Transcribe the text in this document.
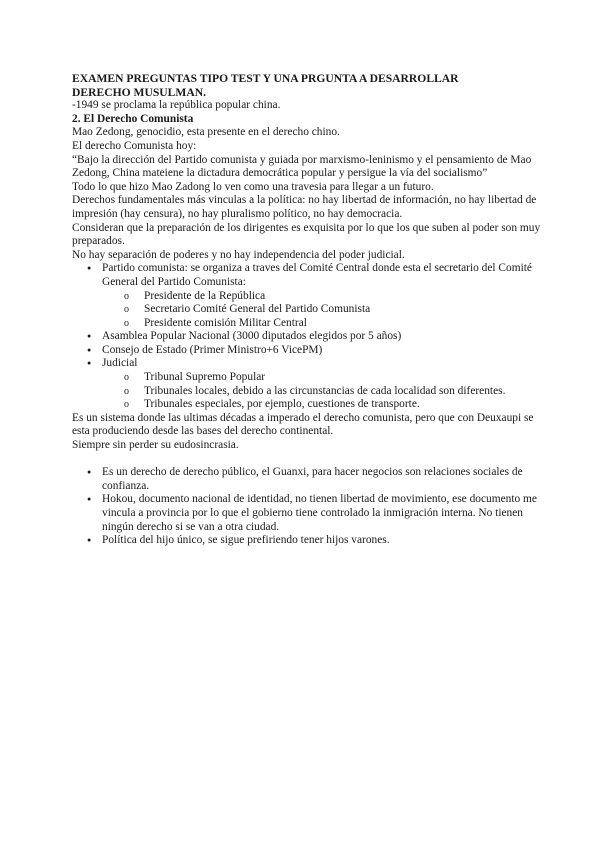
EXAMEN PREGUNTAS TIPO TEST Y UNA PRGUNTA A DESARROLLAR

DERECHO MUSULMAN.

-1949 se proclama la república popular china.

2. El Derecho Comunista

Mao Zedong, genocidio, esta presente en el derecho chino.

El derecho Comunista hoy:

“Bajo la dirección del Partido comunista y guiada por marxismo-leninismo y el pensamiento de Mao Zedong, China mateiene la dictadura democrática popular y persigue la vía del socialismo”

Todo lo que hizo Mao Zadong lo ven como una travesia para llegar a un futuro.

Derechos fundamentales más vinculas a la política: no hay libertad de información, no hay libertad de impresión (hay censura), no hay pluralismo político, no hay democracia.

Consideran que la preparación de los dirigentes es exquisita por lo que los que suben al poder son muy preparados.

No hay separación de poderes y no hay independencia del poder judicial.

● Partido comunista: se organiza a traves del Comité Central donde esta el secretario del Comité General del Partido Comunista:
o Presidente de la República
o Secretario Comité General del Partido Comunista
o Presidente comisión Militar Central
● Asamblea Popular Nacional (3000 diputados elegidos por 5 años)
● Consejo de Estado (Primer Ministro+6 VicePM)
● Judicial
o Tribunal Supremo Popular
o Tribunales locales, debido a las circunstancias de cada localidad son diferentes.
o Tribunales especiales, por ejemplo, cuestiones de transporte.

Es un sistema donde las ultimas décadas a imperado el derecho comunista, pero que con Deuxaupi se esta produciendo desde las bases del derecho continental.

Siempre sin perder su eudosincrasia.

● Es un derecho de derecho público, el Guanxi, para hacer negocios son relaciones sociales de confianza.
● Hokou, documento nacional de identidad, no tienen libertad de movimiento, ese documento me vincula a provincia por lo que el gobierno tiene controlado la inmigración interna. No tienen ningún derecho si se van a otra ciudad.
● Política del hijo único, se sigue prefiriendo tener hijos varones.
